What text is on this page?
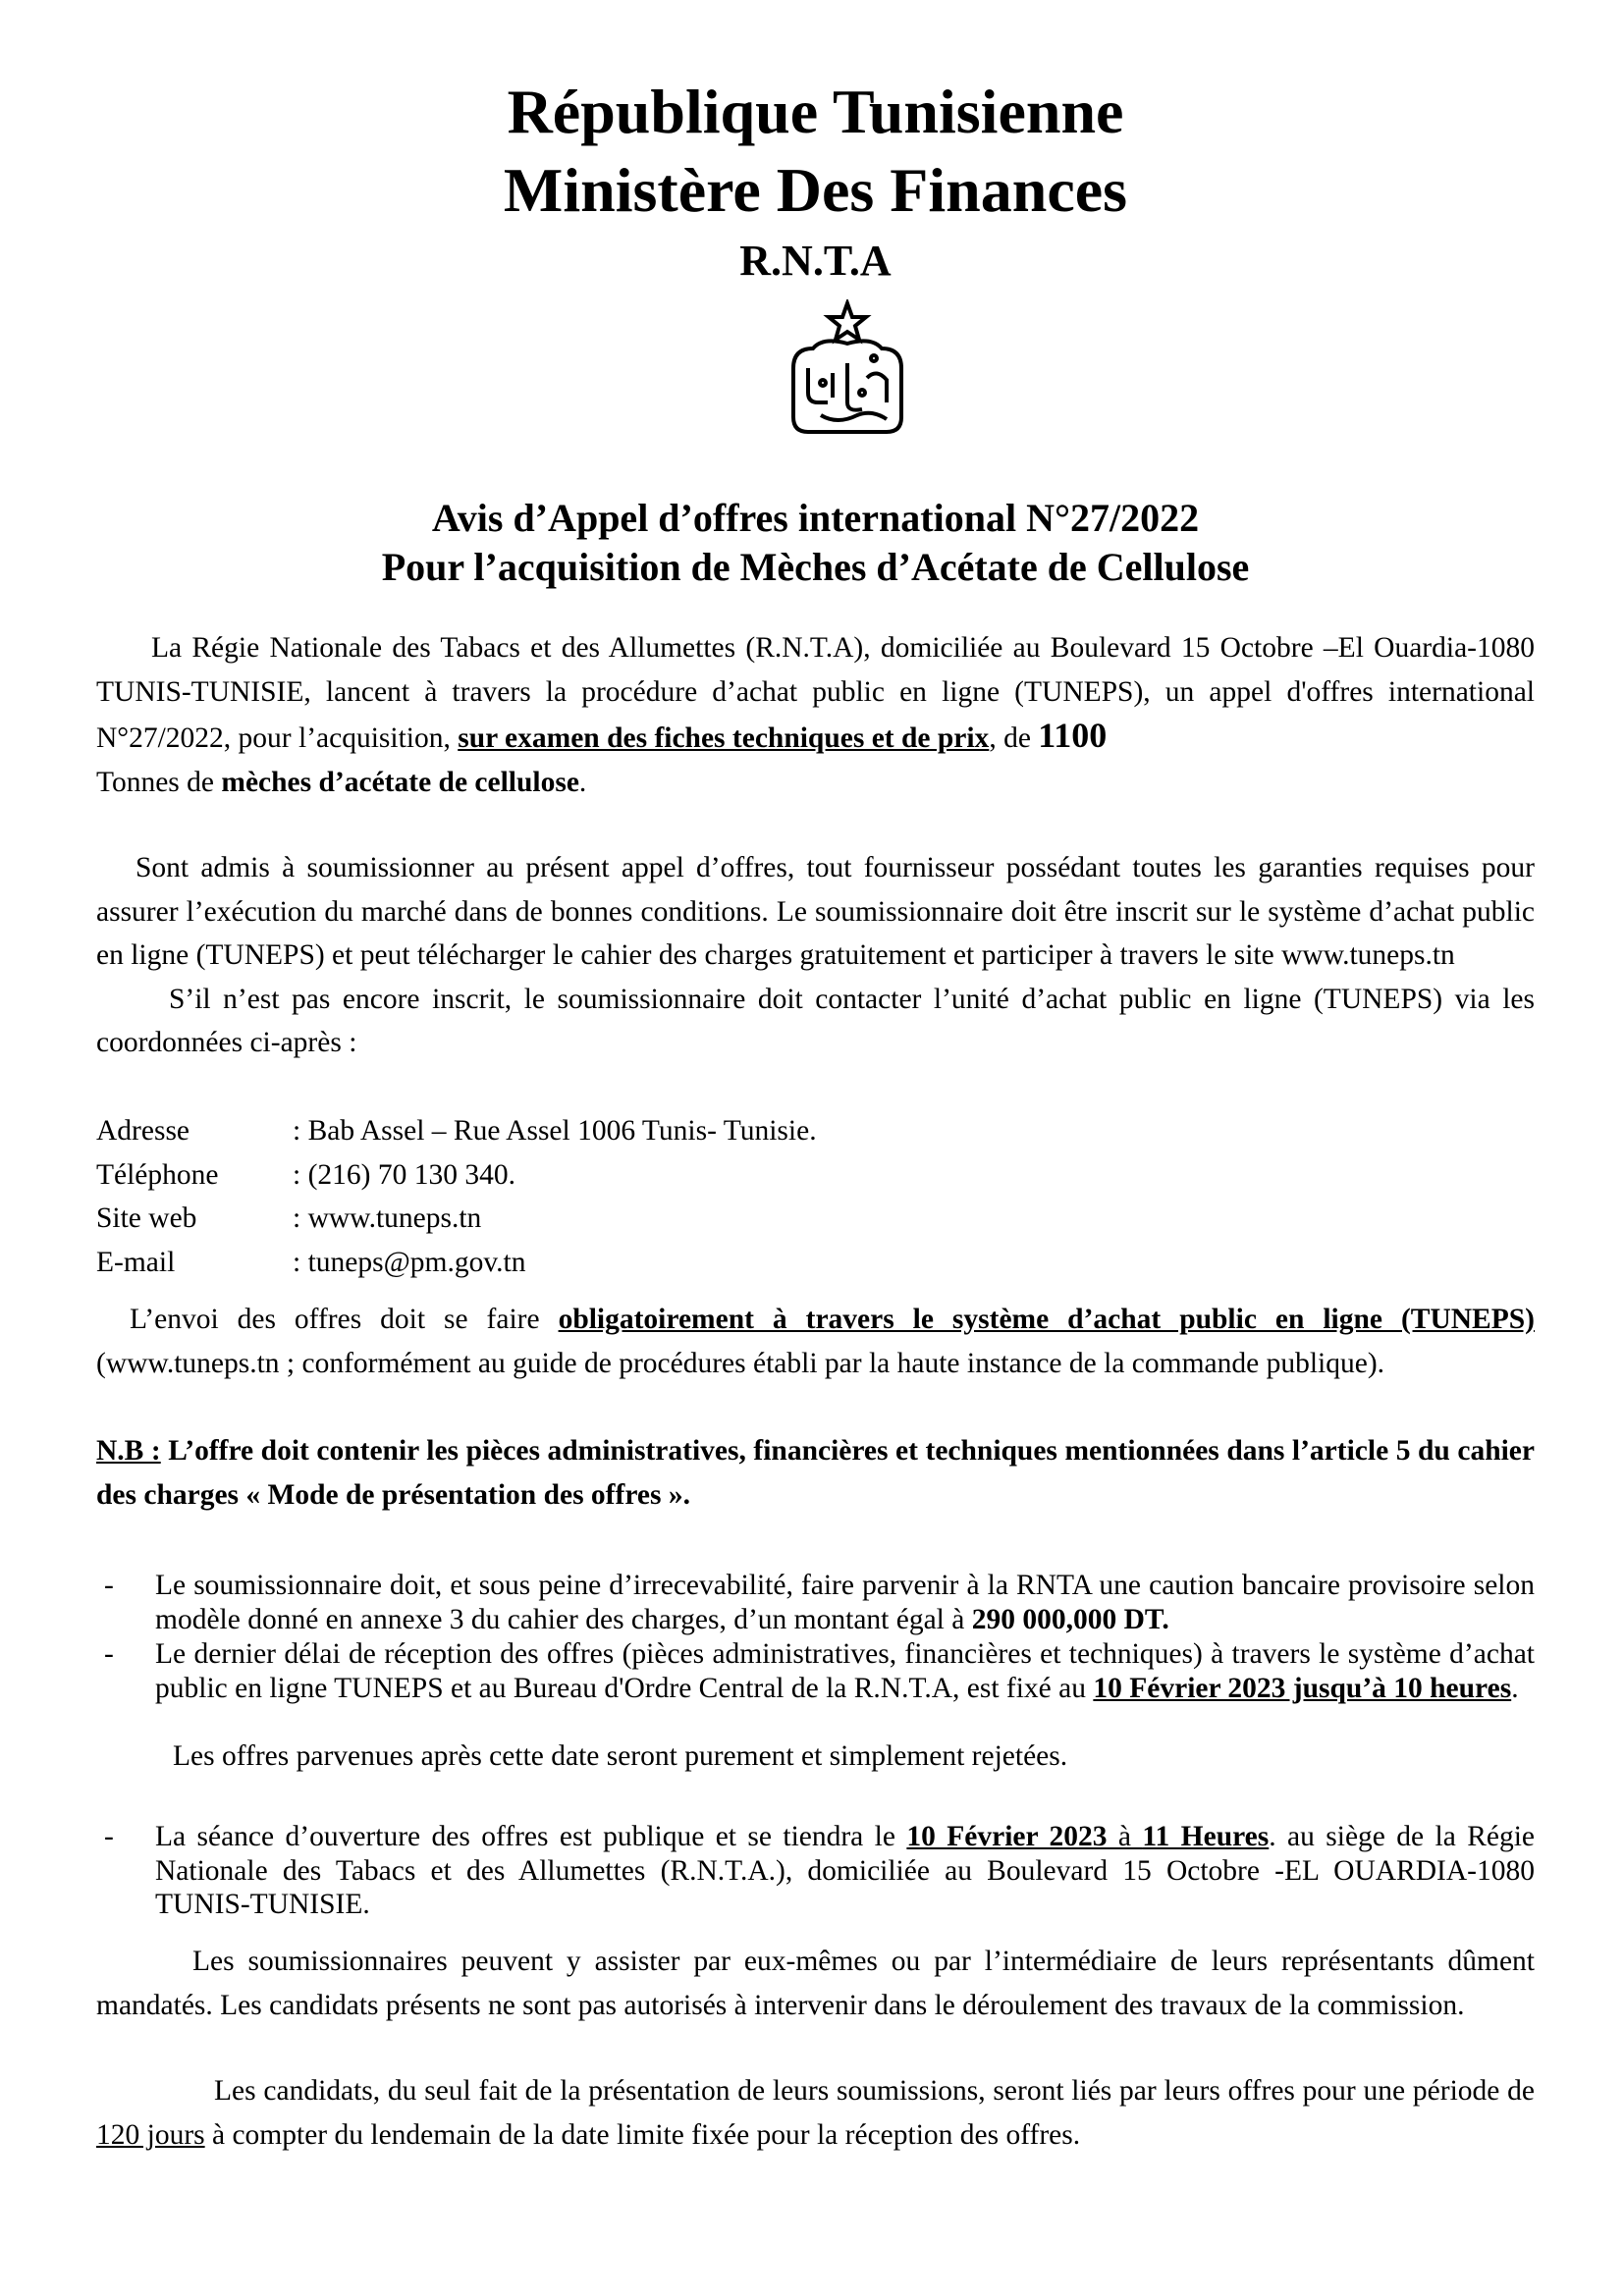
République Tunisienne
Ministère Des Finances
R.N.T.A
Avis d’Appel d’offres international N°27/2022
Pour l’acquisition de Mèches d’Acétate de Cellulose
La Régie Nationale des Tabacs et des Allumettes (R.N.T.A), domiciliée au Boulevard 15 Octobre –El Ouardia-1080 TUNIS-TUNISIE, lancent à travers la procédure d’achat public en ligne (TUNEPS), un appel d'offres international N°27/2022, pour l’acquisition, sur examen des fiches techniques et de prix, de 1100
Tonnes de mèches d’acétate de cellulose.
Sont admis à soumissionner au présent appel d’offres, tout fournisseur possédant toutes les garanties requises pour assurer l’exécution du marché dans de bonnes conditions. Le soumissionnaire doit être inscrit sur le système d’achat public en ligne (TUNEPS) et peut télécharger le cahier des charges gratuitement et participer à travers le site www.tuneps.tn
S’il n’est pas encore inscrit, le soumissionnaire doit contacter l’unité d’achat public en ligne (TUNEPS) via les coordonnées ci-après :
Adresse	: Bab Assel – Rue Assel 1006 Tunis- Tunisie.
Téléphone	: (216) 70 130 340.
Site web	: www.tuneps.tn
E-mail	: tuneps@pm.gov.tn
L’envoi des offres doit se faire obligatoirement à travers le système d’achat public en ligne (TUNEPS) (www.tuneps.tn ; conformément au guide de procédures établi par la haute instance de la commande publique).
N.B : L’offre doit contenir les pièces administratives, financières et techniques mentionnées dans l’article 5 du cahier des charges « Mode de présentation des offres ».
- Le soumissionnaire doit, et sous peine d’irrecevabilité, faire parvenir à la RNTA une caution bancaire provisoire selon modèle donné en annexe 3 du cahier des charges, d’un montant égal à 290 000,000 DT.
- Le dernier délai de réception des offres (pièces administratives, financières et techniques) à travers le système d’achat public en ligne TUNEPS et au Bureau d'Ordre Central de la R.N.T.A, est fixé au 10 Février 2023 jusqu’à 10 heures.
Les offres parvenues après cette date seront purement et simplement rejetées.
- La séance d’ouverture des offres est publique et se tiendra le 10 Février 2023 à 11 Heures. au siège de la Régie Nationale des Tabacs et des Allumettes (R.N.T.A.), domiciliée au Boulevard 15 Octobre -EL OUARDIA-1080 TUNIS-TUNISIE.
Les soumissionnaires peuvent y assister par eux-mêmes ou par l’intermédiaire de leurs représentants dûment mandatés. Les candidats présents ne sont pas autorisés à intervenir dans le déroulement des travaux de la commission.
Les candidats, du seul fait de la présentation de leurs soumissions, seront liés par leurs offres pour une période de 120 jours à compter du lendemain de la date limite fixée pour la réception des offres.
